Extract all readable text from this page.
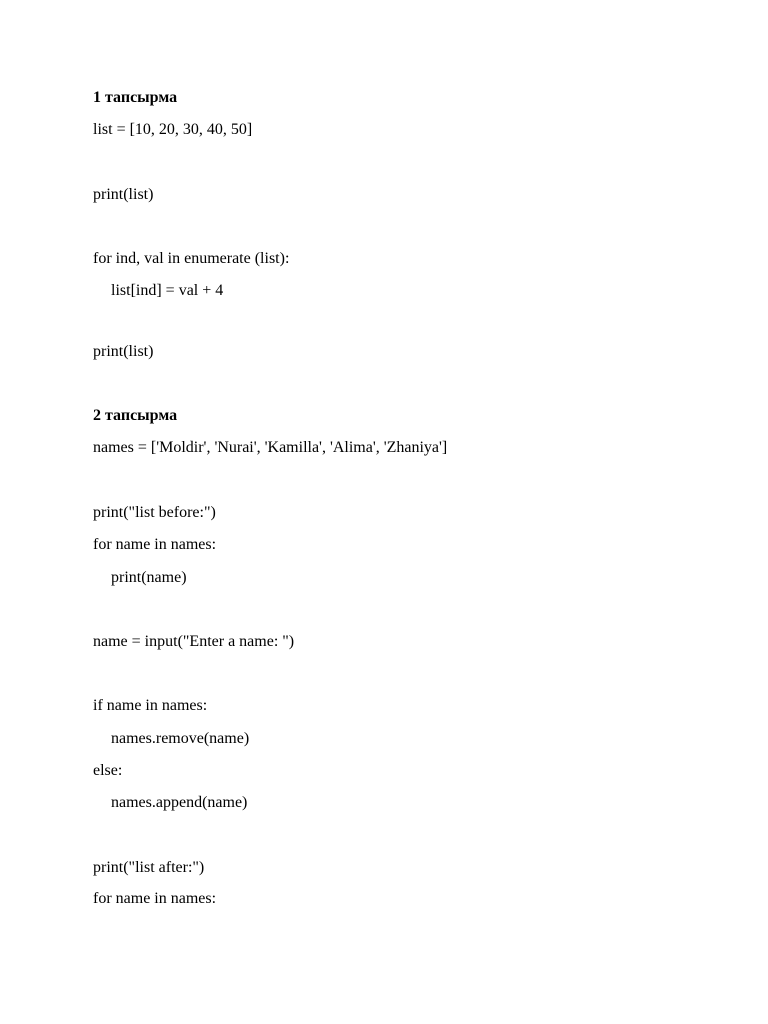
1 тапсырма
list = [10, 20, 30, 40, 50]
print(list)
for ind, val in enumerate (list):
list[ind] = val + 4
print(list)
2 тапсырма
names = ['Moldir', 'Nurai', 'Kamilla', 'Alima', 'Zhaniya']
print("list before:")
for name in names:
print(name)
name = input("Enter a name: ")
if name in names:
names.remove(name)
else:
names.append(name)
print("list after:")
for name in names:
